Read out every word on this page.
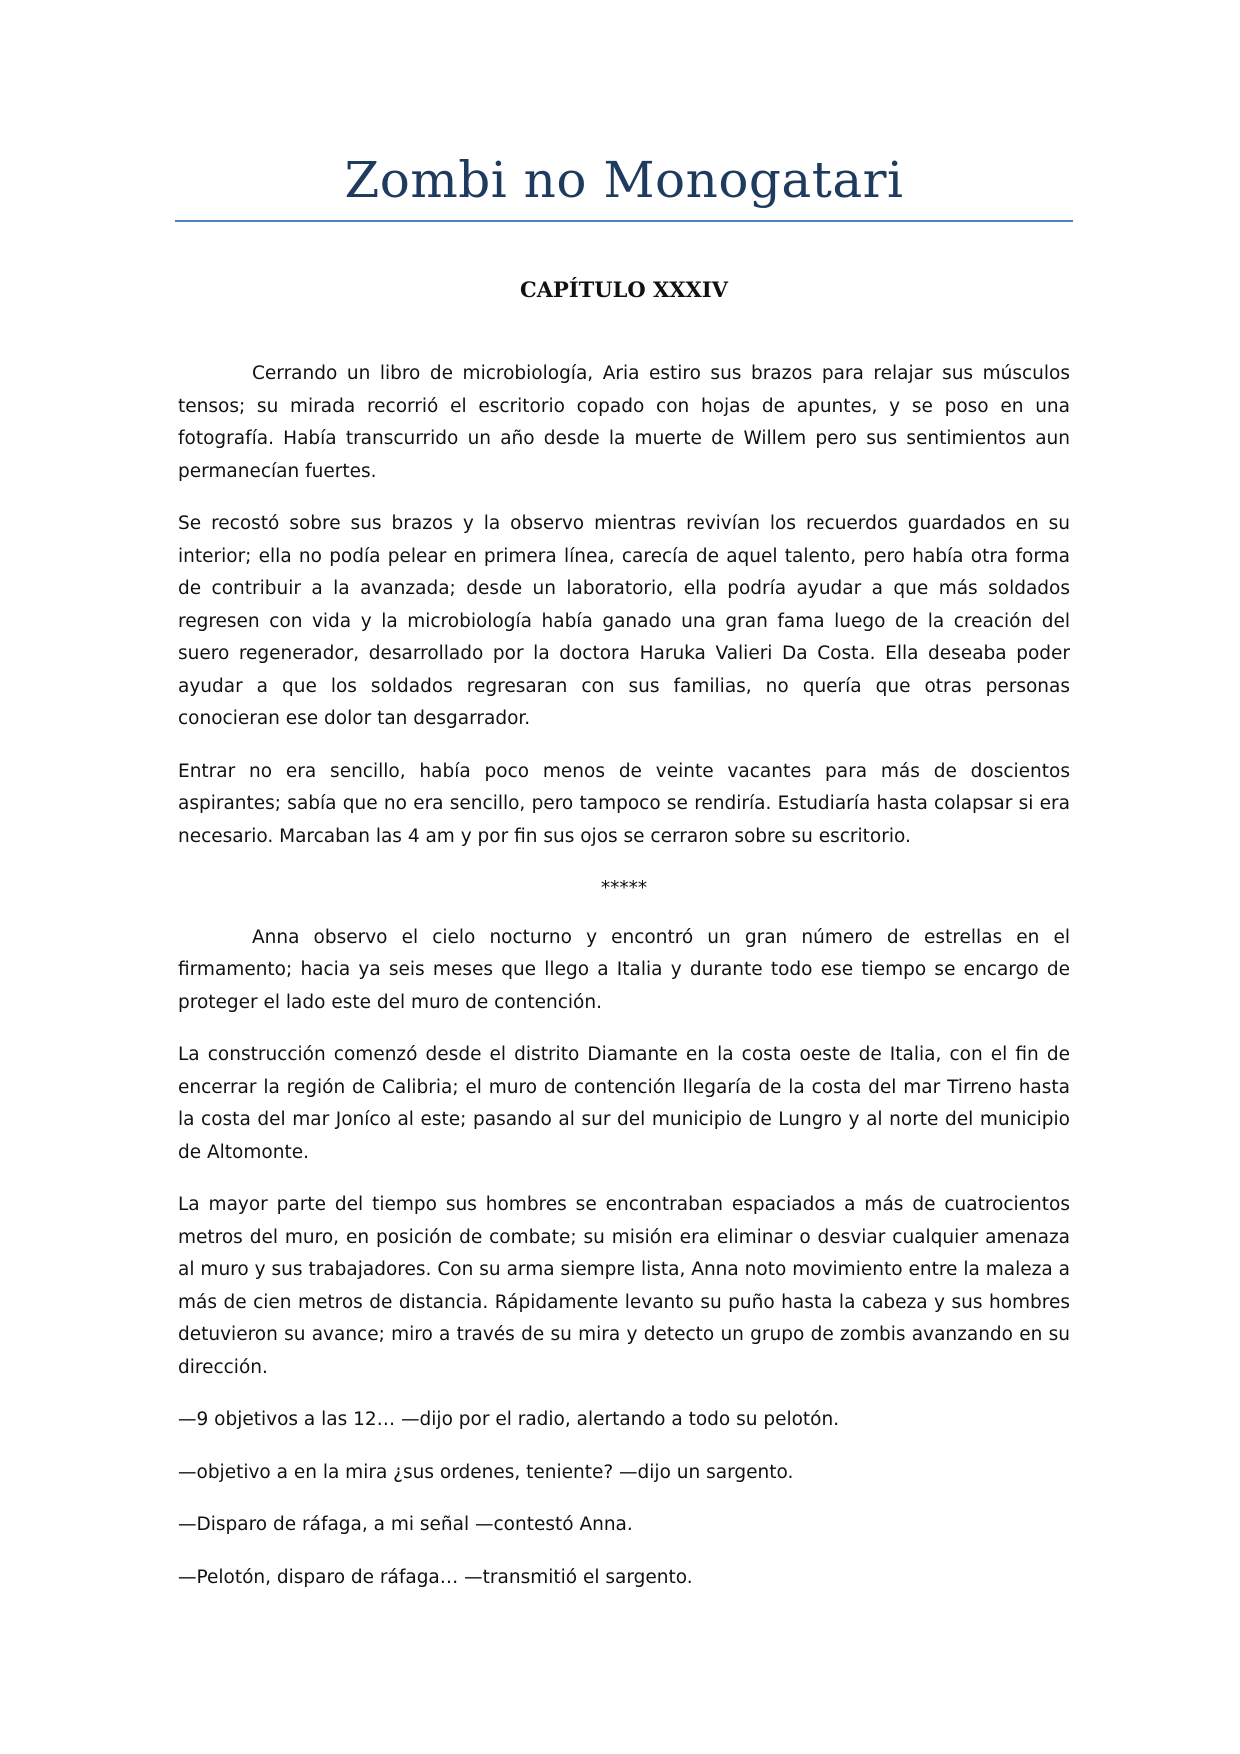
Zombi no Monogatari
CAPÍTULO XXXIV

Cerrando un libro de microbiología, Aria estiro sus brazos para relajar sus músculos tensos; su mirada recorrió el escritorio copado con hojas de apuntes, y se poso en una fotografía. Había transcurrido un año desde la muerte de Willem pero sus sentimientos aun permanecían fuertes.

Se recostó sobre sus brazos y la observo mientras revivían los recuerdos guardados en su interior; ella no podía pelear en primera línea, carecía de aquel talento, pero había otra forma de contribuir a la avanzada; desde un laboratorio, ella podría ayudar a que más soldados regresen con vida y la microbiología había ganado una gran fama luego de la creación del suero regenerador, desarrollado por la doctora Haruka Valieri Da Costa. Ella deseaba poder ayudar a que los soldados regresaran con sus familias, no quería que otras personas conocieran ese dolor tan desgarrador.

Entrar no era sencillo, había poco menos de veinte vacantes para más de doscientos aspirantes; sabía que no era sencillo, pero tampoco se rendiría. Estudiaría hasta colapsar si era necesario. Marcaban las 4 am y por fin sus ojos se cerraron sobre su escritorio.

*****

Anna observo el cielo nocturno y encontró un gran número de estrellas en el firmamento; hacia ya seis meses que llego a Italia y durante todo ese tiempo se encargo de proteger el lado este del muro de contención.

La construcción comenzó desde el distrito Diamante en la costa oeste de Italia, con el fin de encerrar la región de Calibria; el muro de contención llegaría de la costa del mar Tirreno hasta la costa del mar Joníco al este; pasando al sur del municipio de Lungro y al norte del municipio de Altomonte.

La mayor parte del tiempo sus hombres se encontraban espaciados a más de cuatrocientos metros del muro, en posición de combate; su misión era eliminar o desviar cualquier amenaza al muro y sus trabajadores. Con su arma siempre lista, Anna noto movimiento entre la maleza a más de cien metros de distancia. Rápidamente levanto su puño hasta la cabeza y sus hombres detuvieron su avance; miro a través de su mira y detecto un grupo de zombis avanzando en su dirección.

—9 objetivos a las 12… —dijo por el radio, alertando a todo su pelotón.

—objetivo a en la mira ¿sus ordenes, teniente? —dijo un sargento.

—Disparo de ráfaga, a mi señal —contestó Anna.

—Pelotón, disparo de ráfaga… —transmitió el sargento.
